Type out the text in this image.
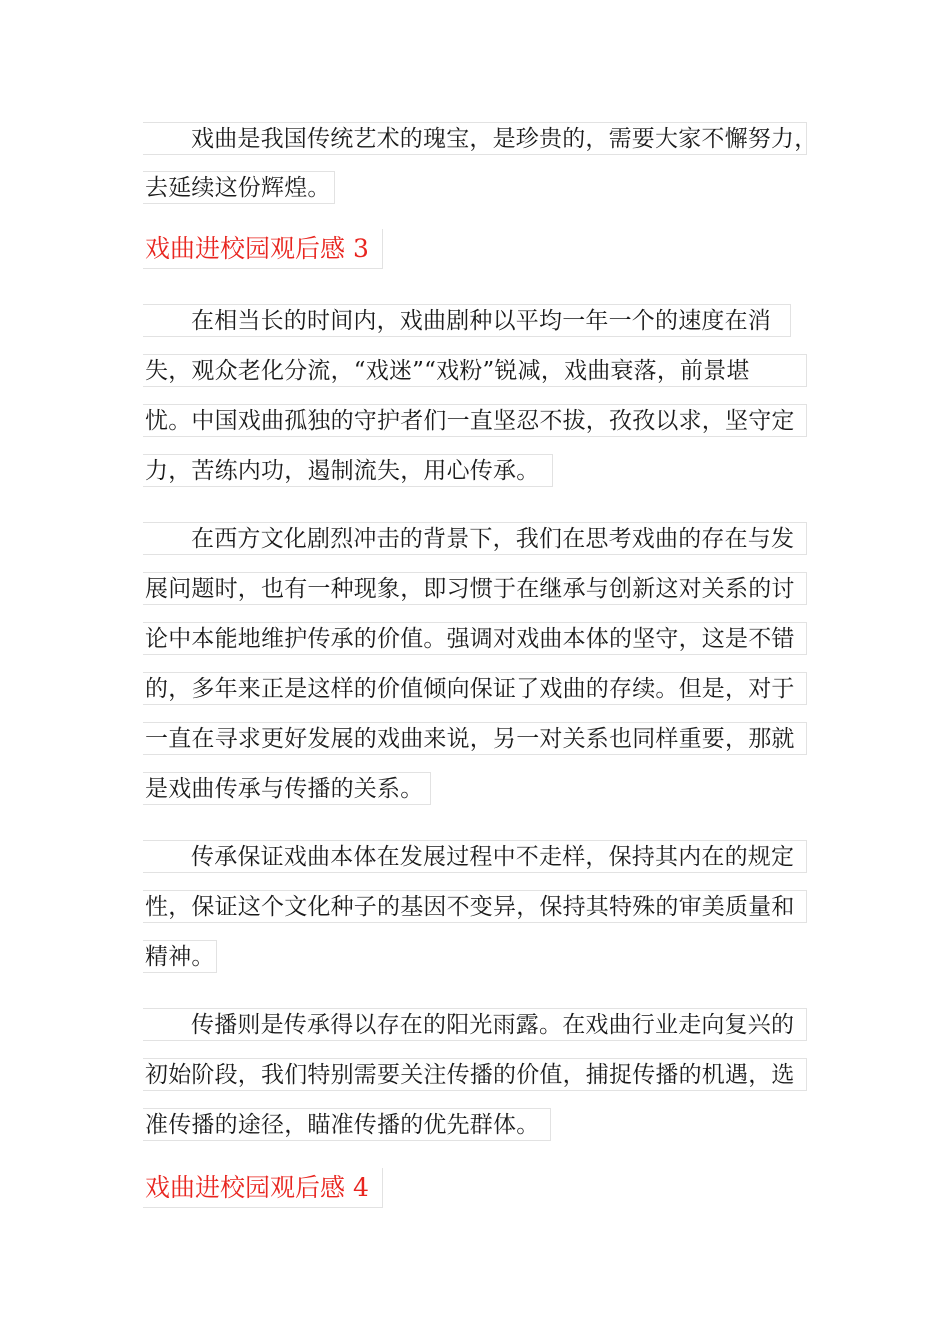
戏曲是我国传统艺术的瑰宝，是珍贵的，需要大家不懈努力，
去延续这份辉煌。
戏曲进校园观后感 3
在相当长的时间内，戏曲剧种以平均一年一个的速度在消
失，观众老化分流，“戏迷”“戏粉”锐减，戏曲衰落，前景堪
忧。中国戏曲孤独的守护者们一直坚忍不拔，孜孜以求，坚守定
力，苦练内功，遏制流失，用心传承。
在西方文化剧烈冲击的背景下，我们在思考戏曲的存在与发
展问题时，也有一种现象，即习惯于在继承与创新这对关系的讨
论中本能地维护传承的价值。强调对戏曲本体的坚守，这是不错
的，多年来正是这样的价值倾向保证了戏曲的存续。但是，对于
一直在寻求更好发展的戏曲来说，另一对关系也同样重要，那就
是戏曲传承与传播的关系。
传承保证戏曲本体在发展过程中不走样，保持其内在的规定
性，保证这个文化种子的基因不变异，保持其特殊的审美质量和
精神。
传播则是传承得以存在的阳光雨露。在戏曲行业走向复兴的
初始阶段，我们特别需要关注传播的价值，捕捉传播的机遇，选
准传播的途径，瞄准传播的优先群体。
戏曲进校园观后感 4
